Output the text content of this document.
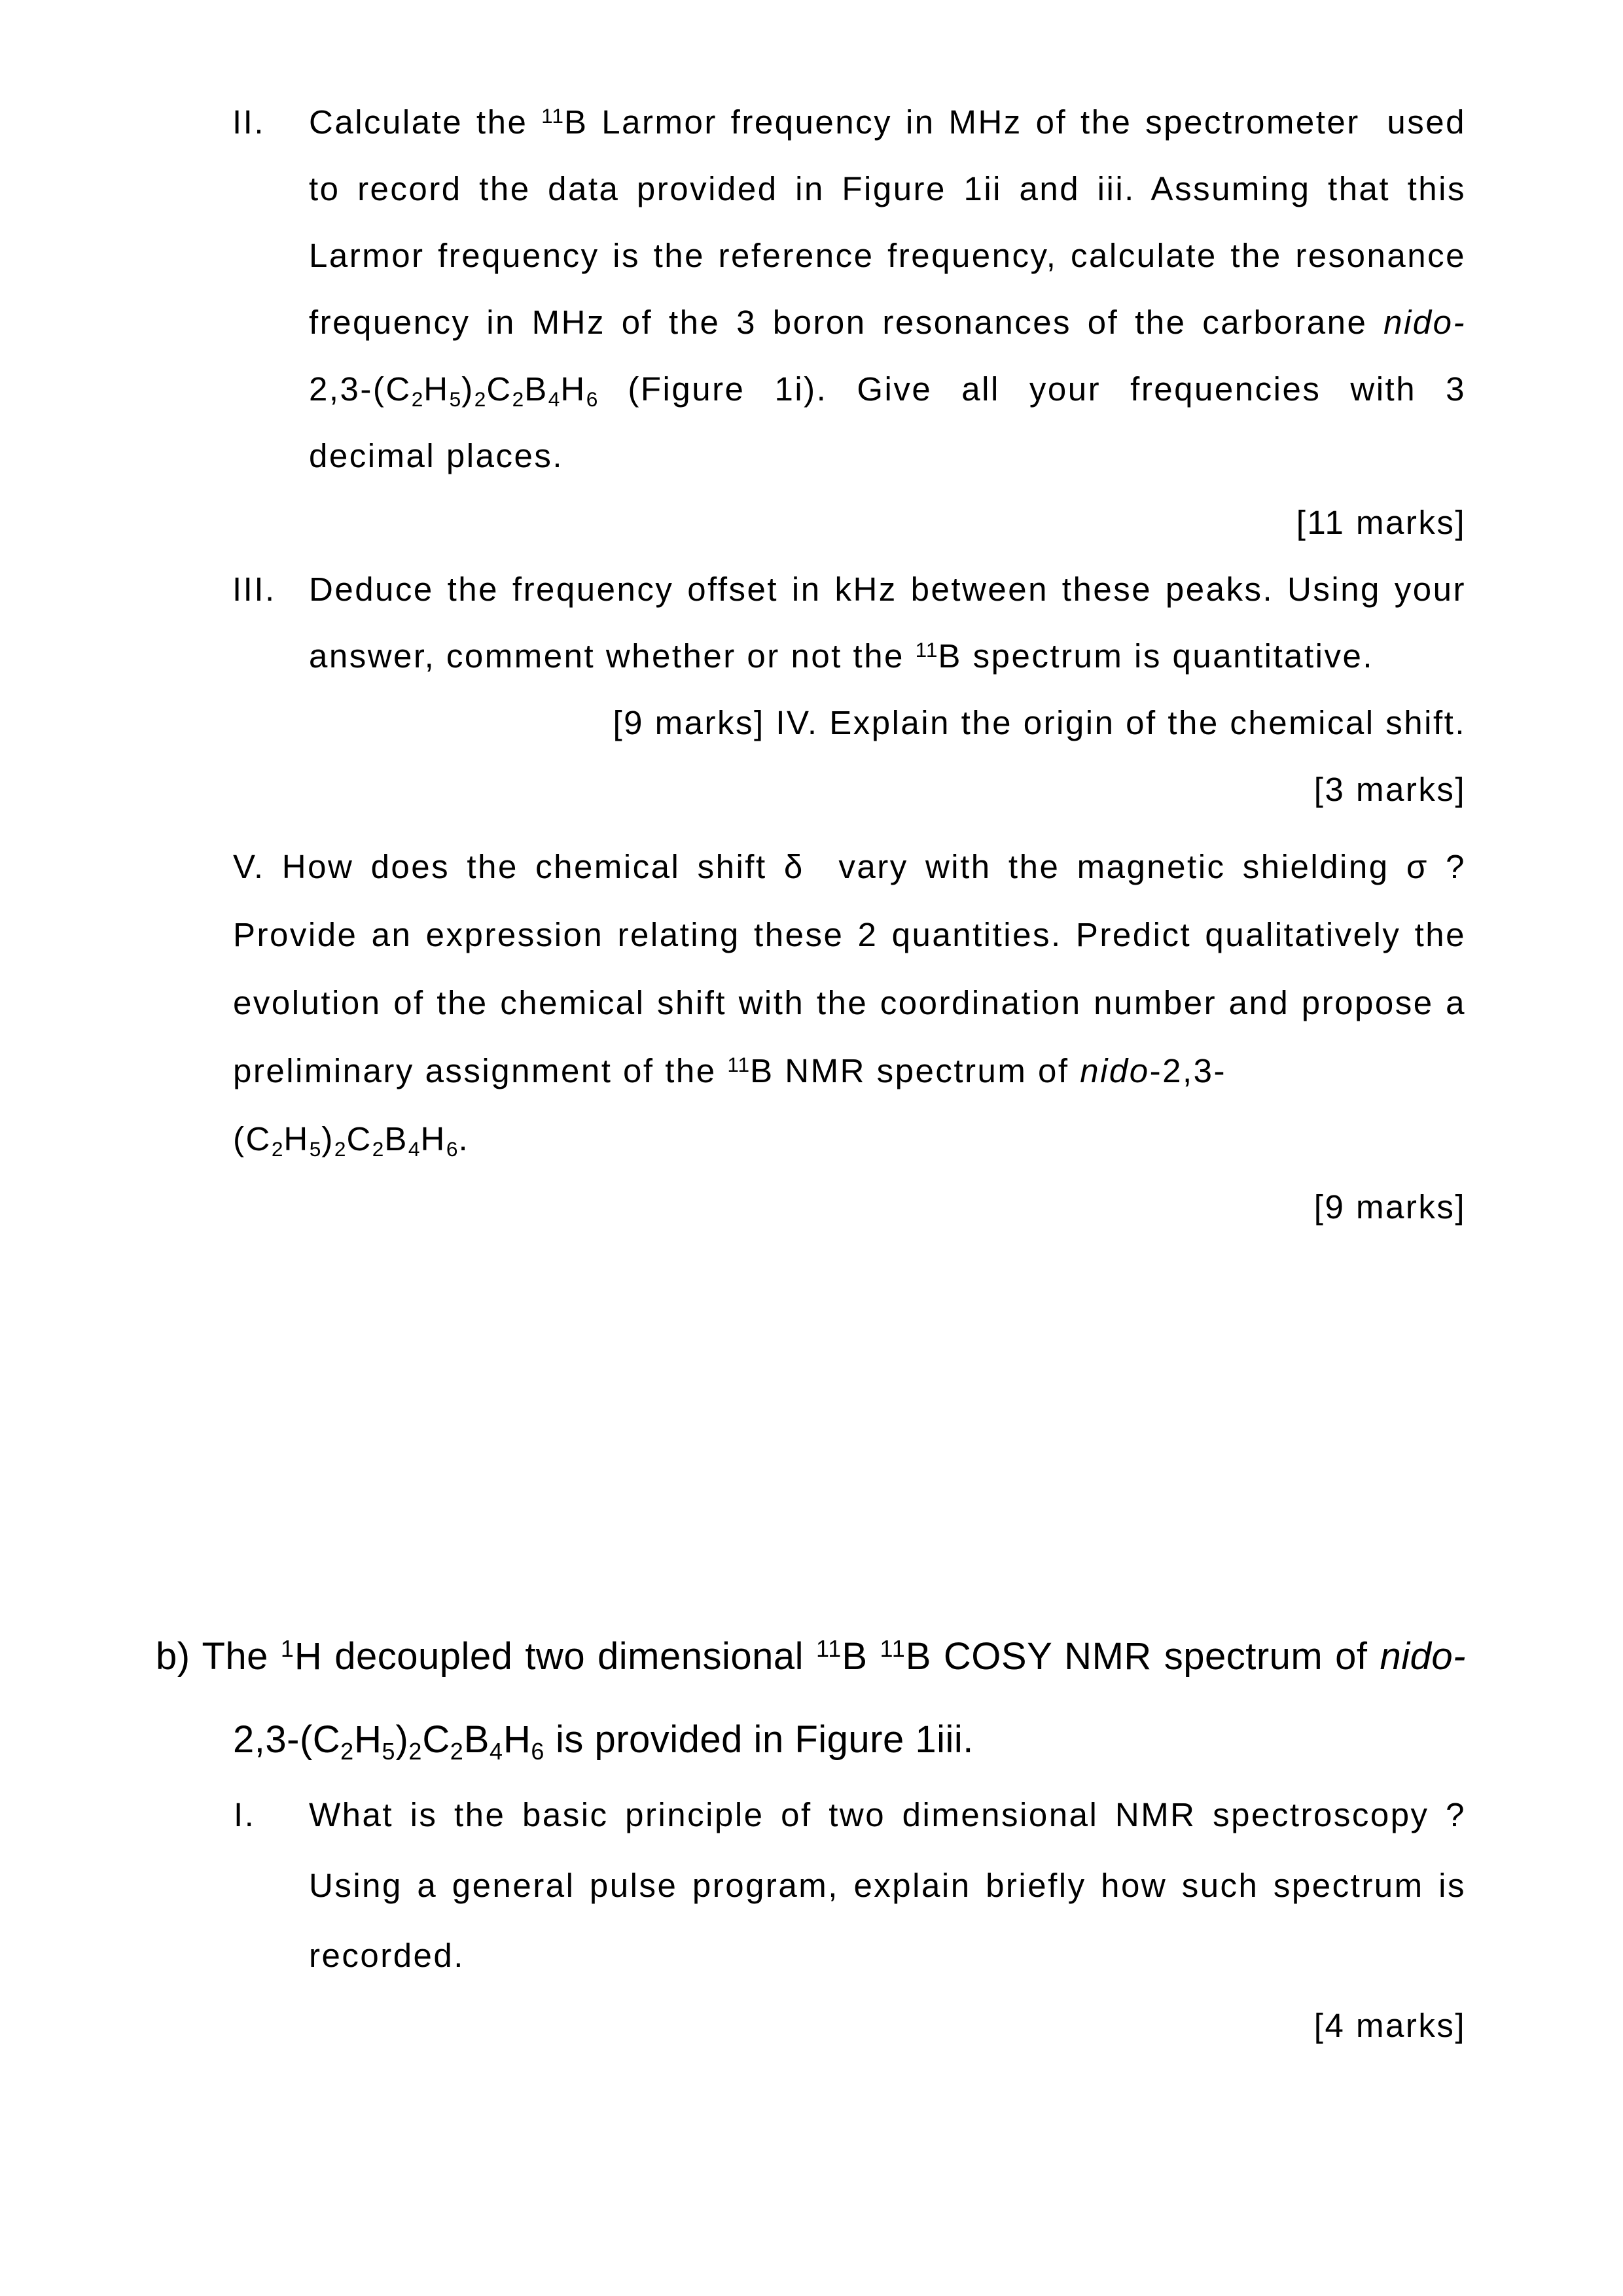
II. Calculate the $^{11}$B Larmor frequency in MHz of the spectrometer  used
to record the data provided in Figure 1ii and iii. Assuming that this
Larmor frequency is the reference frequency, calculate the resonance
frequency in MHz of the 3 boron resonances of the carborane nido-
2,3-(C2H5)2C2B4H6 (Figure 1i). Give all your frequencies with 3
decimal places.
[11 marks]
III. Deduce the frequency offset in kHz between these peaks. Using your
answer, comment whether or not the $^{11}$B spectrum is quantitative.
[9 marks] IV. Explain the origin of the chemical shift.
[3 marks]
V. How does the chemical shift δ  vary with the magnetic shielding σ ?
Provide an expression relating these 2 quantities. Predict qualitatively the
evolution of the chemical shift with the coordination number and propose a
preliminary assignment of the $^{11}$B NMR spectrum of nido-2,3-
(C2H5)2C2B4H6.
[9 marks]
b) The $^1$H decoupled two dimensional $^{11}$B $^{11}$B COSY NMR spectrum of nido-
2,3-(C2H5)2C2B4H6 is provided in Figure 1iii.
I. What is the basic principle of two dimensional NMR spectroscopy ?
Using a general pulse program, explain briefly how such spectrum is
recorded.
[4 marks]
